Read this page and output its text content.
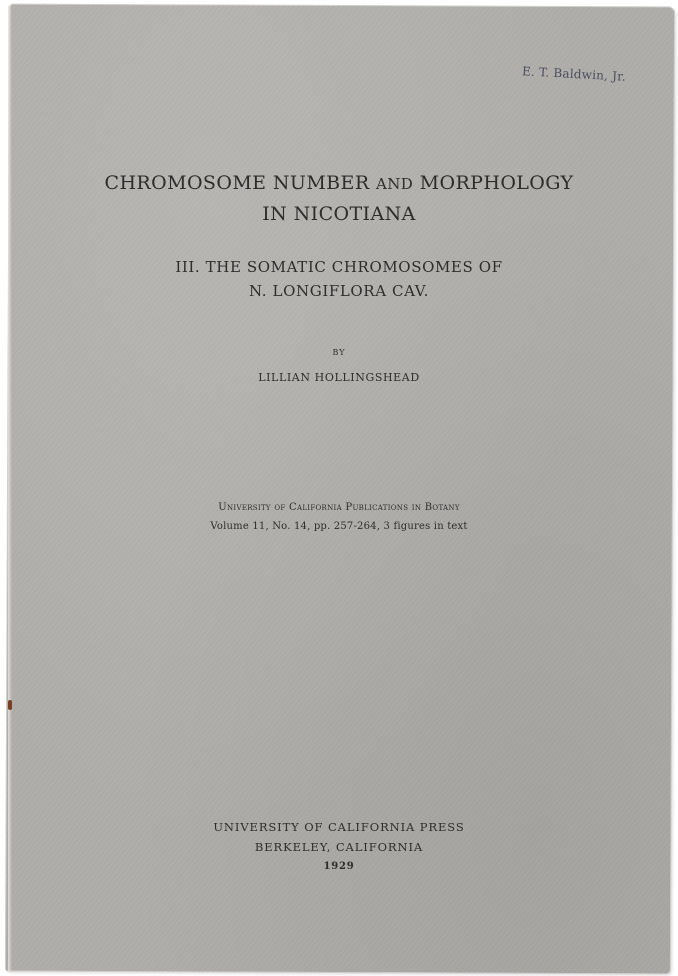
E. T. Baldwin, Jr.
CHROMOSOME NUMBER AND MORPHOLOGY
IN NICOTIANA
III. THE SOMATIC CHROMOSOMES OF
N. LONGIFLORA CAV.
BY
LILLIAN HOLLINGSHEAD
University of California Publications in Botany
Volume 11, No. 14, pp. 257-264, 3 figures in text
UNIVERSITY OF CALIFORNIA PRESS
BERKELEY, CALIFORNIA
1929
